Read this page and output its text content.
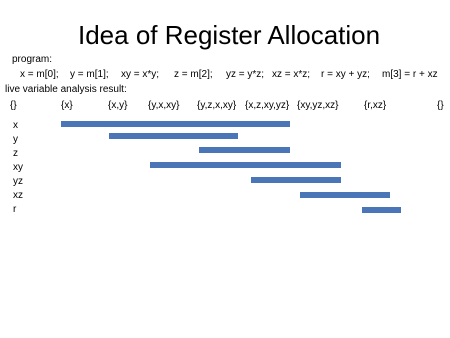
Idea of Register Allocation
program:
x = m[0]; y = m[1]; xy = x*y; z = m[2]; yz = y*z; xz = x*z; r = xy + yz; m[3] = r + xz
live variable analysis result:
{}	{x}	{x,y} {y,x,xy} {y,z,x,xy} {x,z,xy,yz} {xy,yz,xz}	{r,xz}	{}
x
y
z
xy
yz
xz
r
